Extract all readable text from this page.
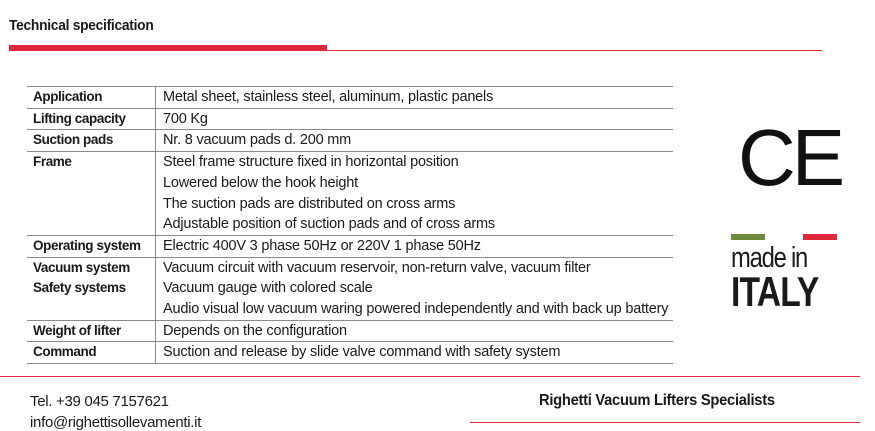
Technical specification
Application	Metal sheet, stainless steel, aluminum, plastic panels

Lifting capacity	700 Kg

Suction pads	Nr. 8 vacuum pads d. 200 mm

Frame	Steel frame structure fixed in horizontal position
Lowered below the hook height
The suction pads are distributed on cross arms
Adjustable position of suction pads and of cross arms

Operating system	Electric 400V 3 phase 50Hz or 220V 1 phase 50Hz

Vacuum system	Vacuum circuit with vacuum reservoir, non-return valve, vacuum filter

Safety systems	Vacuum gauge with colored scale
Audio visual low vacuum waring powered independently and with back up battery

Weight of lifter	Depends on the configuration

Command	Suction and release by slide valve command with safety system
CE
made in
ITALY
Tel. +39 045 7157621
info@righettisollevamenti.it
Righetti Vacuum Lifters Specialists
